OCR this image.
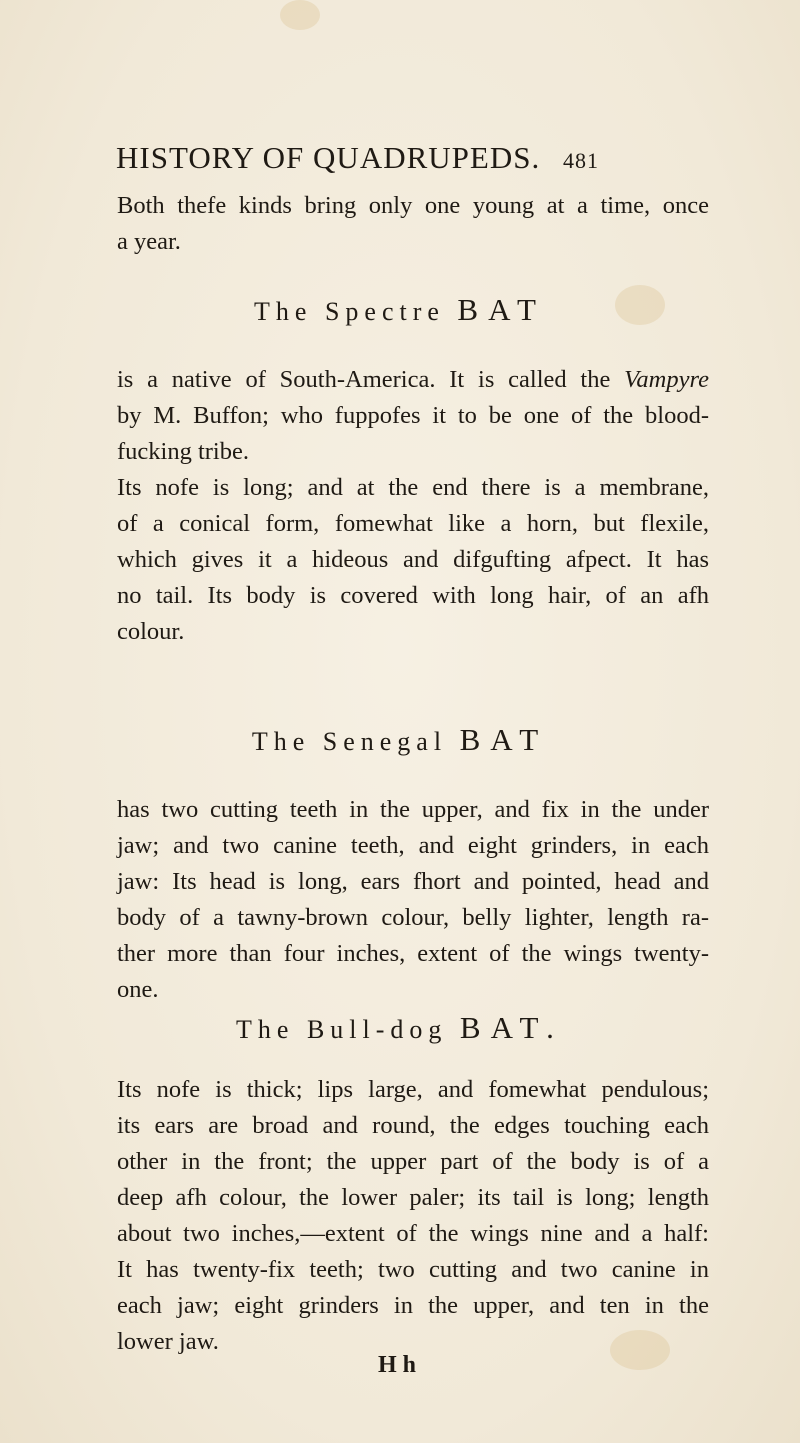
HISTORY OF QUADRUPEDS. 481
Both thefe kinds bring only one young at a time, once
a year.
The Spectre BAT
is a native of South-America. It is called the Vampyre
by M. Buffon; who fuppofes it to be one of the blood-
fucking tribe.
Its nofe is long; and at the end there is a membrane,
of a conical form, fomewhat like a horn, but flexile,
which gives it a hideous and difgufting afpect. It has
no tail. Its body is covered with long hair, of an afh
colour.
The Senegal BAT
has two cutting teeth in the upper, and fix in the under
jaw; and two canine teeth, and eight grinders, in each
jaw: Its head is long, ears fhort and pointed, head and
body of a tawny-brown colour, belly lighter, length ra-
ther more than four inches, extent of the wings twenty-
one.
The Bull-dog BAT.
Its nofe is thick; lips large, and fomewhat pendulous;
its ears are broad and round, the edges touching each
other in the front; the upper part of the body is of a
deep afh colour, the lower paler; its tail is long; length
about two inches,—extent of the wings nine and a half:
It has twenty-fix teeth; two cutting and two canine in
each jaw; eight grinders in the upper, and ten in the
lower jaw.
H h
